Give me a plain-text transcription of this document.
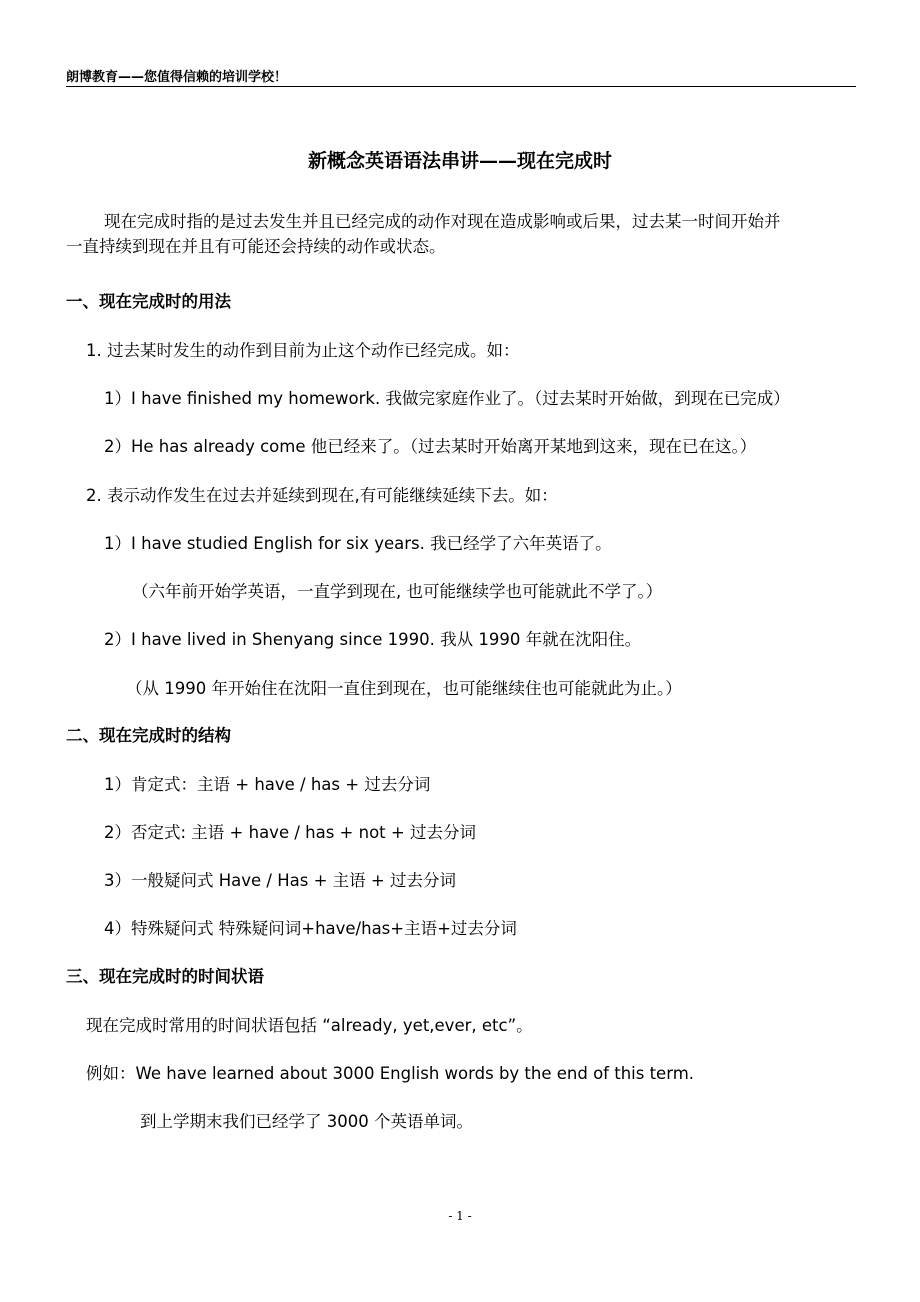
朗博教育——您值得信赖的培训学校！
新概念英语语法串讲——现在完成时
现在完成时指的是过去发生并且已经完成的动作对现在造成影响或后果，过去某一时间开始并
一直持续到现在并且有可能还会持续的动作或状态。
一、现在完成时的用法
1. 过去某时发生的动作到目前为止这个动作已经完成。如：
1）I have finished my homework. 我做完家庭作业了。（过去某时开始做，到现在已完成）
2）He has already come 他已经来了。（过去某时开始离开某地到这来，现在已在这。）
2. 表示动作发生在过去并延续到现在,有可能继续延续下去。如：
1）I have studied English for six years. 我已经学了六年英语了。
（六年前开始学英语，一直学到现在, 也可能继续学也可能就此不学了。）
2）I have lived in Shenyang since 1990. 我从 1990 年就在沈阳住。
（从 1990 年开始住在沈阳一直住到现在，也可能继续住也可能就此为止。）
二、现在完成时的结构
1）肯定式：主语 + have / has + 过去分词
2）否定式: 主语 + have / has + not + 过去分词
3）一般疑问式 Have / Has + 主语 + 过去分词
4）特殊疑问式 特殊疑问词+have/has+主语+过去分词
三、现在完成时的时间状语
现在完成时常用的时间状语包括 “already, yet,ever, etc”。
例如：We have learned about 3000 English words by the end of this term.
到上学期末我们已经学了 3000 个英语单词。
- 1 -
